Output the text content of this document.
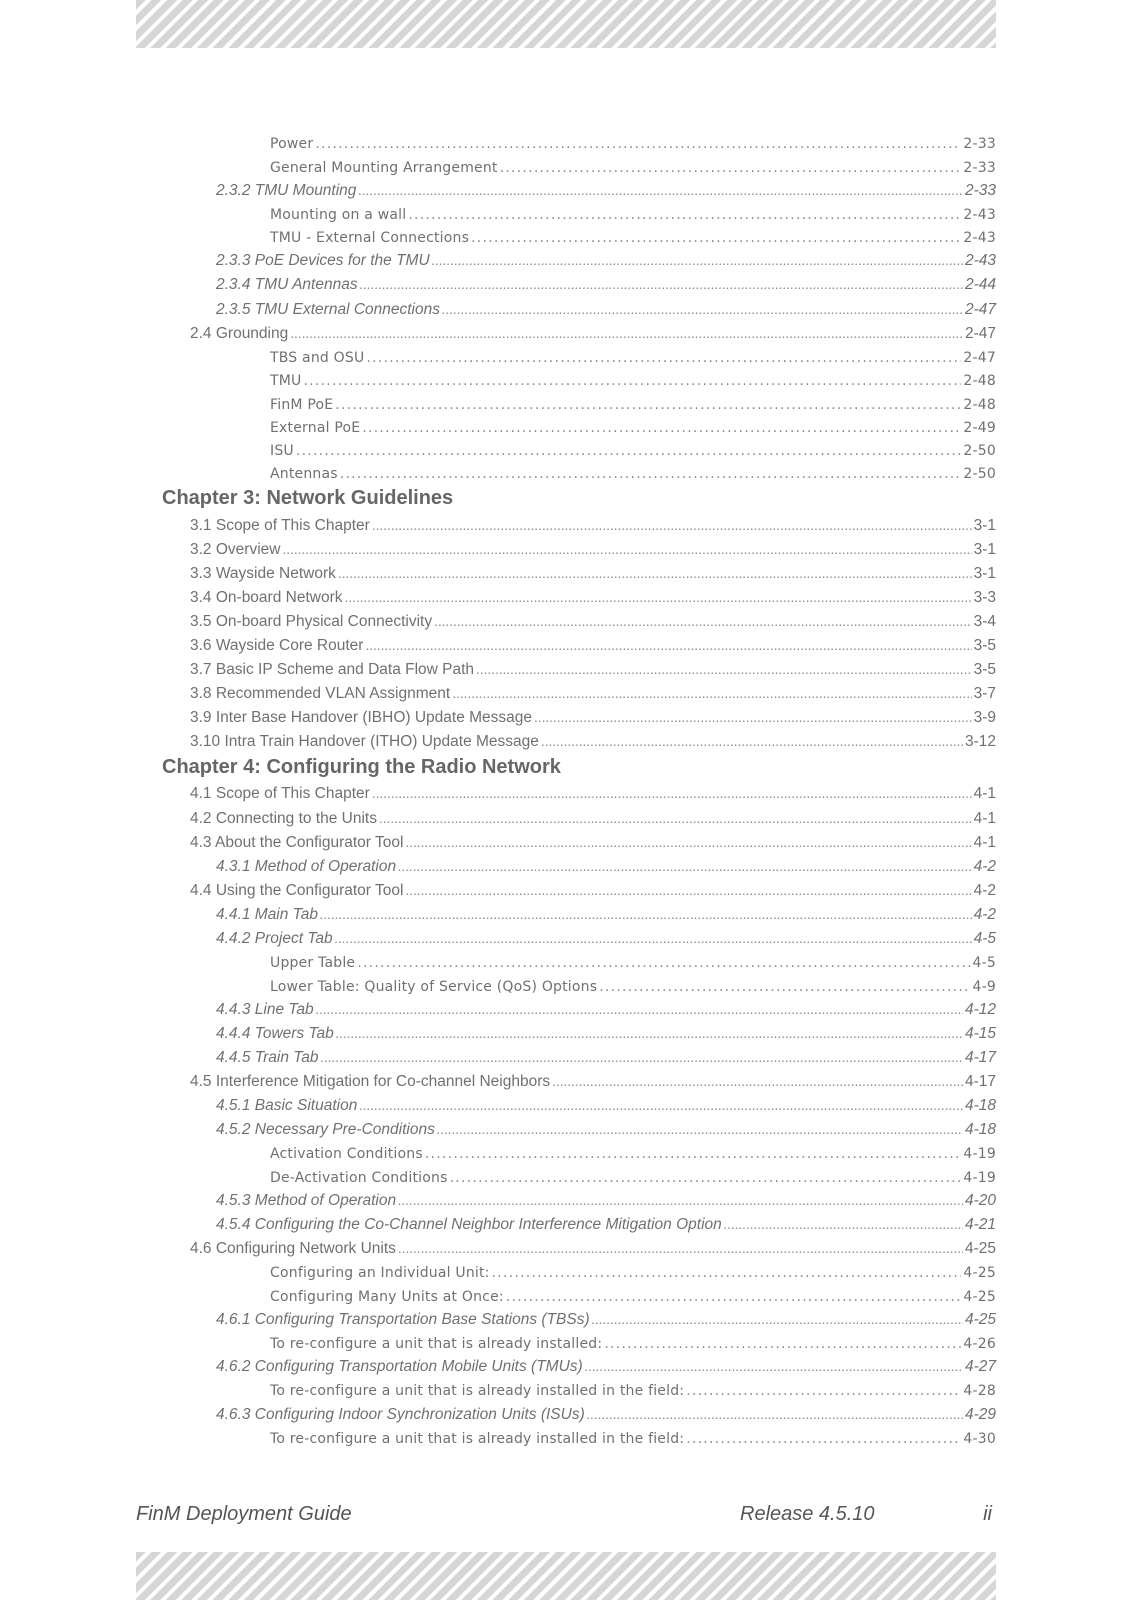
Power . . .	2-33
General Mounting Arrangement . . .	2-33
2.3.2 TMU Mounting . . .	2-33
Mounting on a wall . . .	2-43
TMU - External Connections . . .	2-43
2.3.3 PoE Devices for the TMU . . .	2-43
2.3.4 TMU Antennas . . .	2-44
2.3.5 TMU External Connections . . .	2-47
2.4 Grounding . . .	2-47
TBS and OSU . . .	2-47
TMU . . .	2-48
FinM PoE . . .	2-48
External PoE . . .	2-49
ISU . . .	2-50
Antennas . . .	2-50
Chapter 3: Network Guidelines
3.1 Scope of This Chapter . . .	3-1
3.2 Overview . . .	3-1
3.3 Wayside Network . . .	3-1
3.4 On-board Network . . .	3-3
3.5 On-board Physical Connectivity . . .	3-4
3.6 Wayside Core Router . . .	3-5
3.7 Basic IP Scheme and Data Flow Path . . .	3-5
3.8 Recommended VLAN Assignment . . .	3-7
3.9 Inter Base Handover (IBHO) Update Message . . .	3-9
3.10 Intra Train Handover (ITHO) Update Message . . .	3-12
Chapter 4: Configuring the Radio Network
4.1 Scope of This Chapter . . .	4-1
4.2 Connecting to the Units . . .	4-1
4.3 About the Configurator Tool . . .	4-1
4.3.1 Method of Operation . . .	4-2
4.4 Using the Configurator Tool . . .	4-2
4.4.1 Main Tab . . .	4-2
4.4.2 Project Tab . . .	4-5
Upper Table . . .	4-5
Lower Table: Quality of Service (QoS) Options . . .	4-9
4.4.3 Line Tab . . .	4-12
4.4.4 Towers Tab . . .	4-15
4.4.5 Train Tab . . .	4-17
4.5 Interference Mitigation for Co-channel Neighbors . . .	4-17
4.5.1 Basic Situation . . .	4-18
4.5.2 Necessary Pre-Conditions . . .	4-18
Activation Conditions . . .	4-19
De-Activation Conditions . . .	4-19
4.5.3 Method of Operation . . .	4-20
4.5.4 Configuring the Co-Channel Neighbor Interference Mitigation Option . . .	4-21
4.6 Configuring Network Units . . .	4-25
Configuring an Individual Unit: . . .	4-25
Configuring Many Units at Once: . . .	4-25
4.6.1 Configuring Transportation Base Stations (TBSs) . . .	4-25
To re-configure a unit that is already installed: . . .	4-26
4.6.2 Configuring Transportation Mobile Units (TMUs) . . .	4-27
To re-configure a unit that is already installed in the field: . . .	4-28
4.6.3 Configuring Indoor Synchronization Units (ISUs) . . .	4-29
To re-configure a unit that is already installed in the field: . . .	4-30
FinM Deployment Guide	Release 4.5.10	ii
